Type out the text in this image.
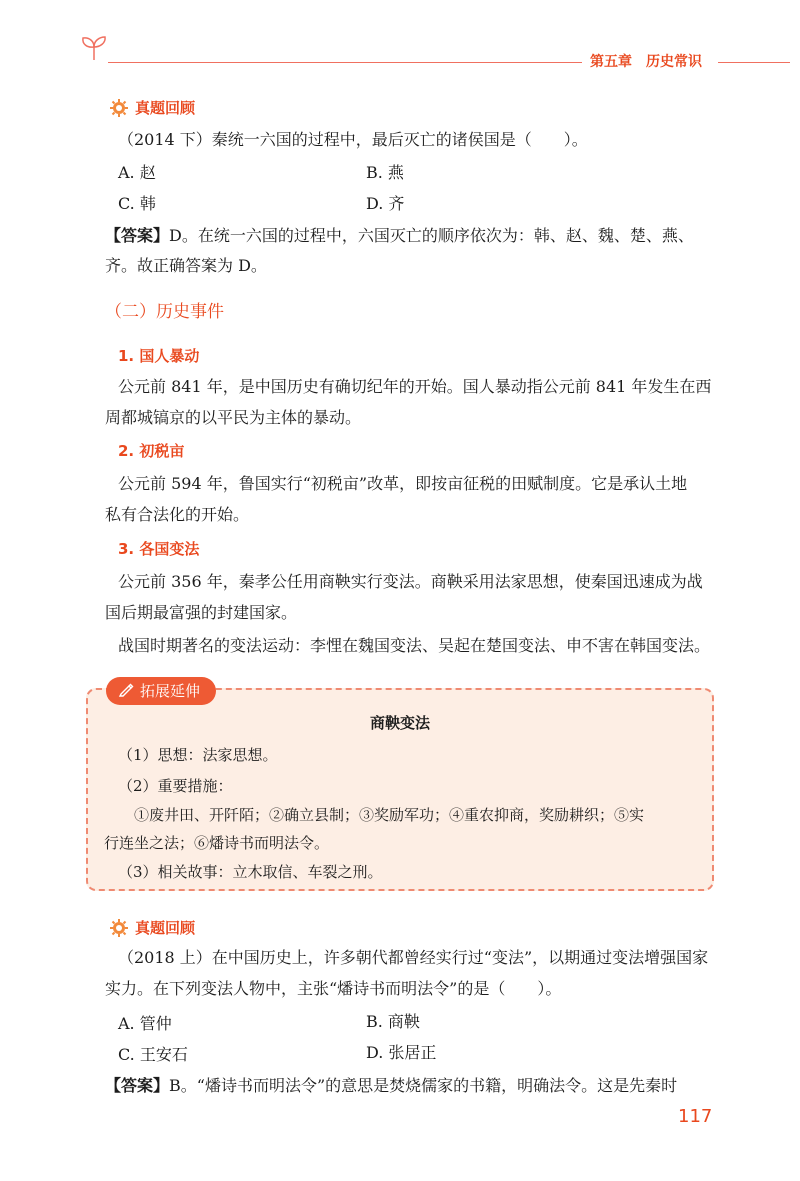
第五章　历史常识
真题回顾
（2014 下）秦统一六国的过程中，最后灭亡的诸侯国是（　　）。
A. 赵	B. 燕
C. 韩	D. 齐
【答案】D。在统一六国的过程中，六国灭亡的顺序依次为：韩、赵、魏、楚、燕、
齐。故正确答案为 D。
（二）历史事件
1. 国人暴动
公元前 841 年，是中国历史有确切纪年的开始。国人暴动指公元前 841 年发生在西
周都城镐京的以平民为主体的暴动。
2. 初税亩
公元前 594 年，鲁国实行“初税亩”改革，即按亩征税的田赋制度。它是承认土地
私有合法化的开始。
3. 各国变法
公元前 356 年，秦孝公任用商鞅实行变法。商鞅采用法家思想，使秦国迅速成为战
国后期最富强的封建国家。
战国时期著名的变法运动：李悝在魏国变法、吴起在楚国变法、申不害在韩国变法。
拓展延伸
商鞅变法
（1）思想：法家思想。
（2）重要措施：
①废井田、开阡陌；②确立县制；③奖励军功；④重农抑商，奖励耕织；⑤实
行连坐之法；⑥燔诗书而明法令。
（3）相关故事：立木取信、车裂之刑。
真题回顾
（2018 上）在中国历史上，许多朝代都曾经实行过“变法”，以期通过变法增强国家
实力。在下列变法人物中，主张“燔诗书而明法令”的是（　　）。
A. 管仲	B. 商鞅
C. 王安石	D. 张居正
【答案】B。“燔诗书而明法令”的意思是焚烧儒家的书籍，明确法令。这是先秦时
117
